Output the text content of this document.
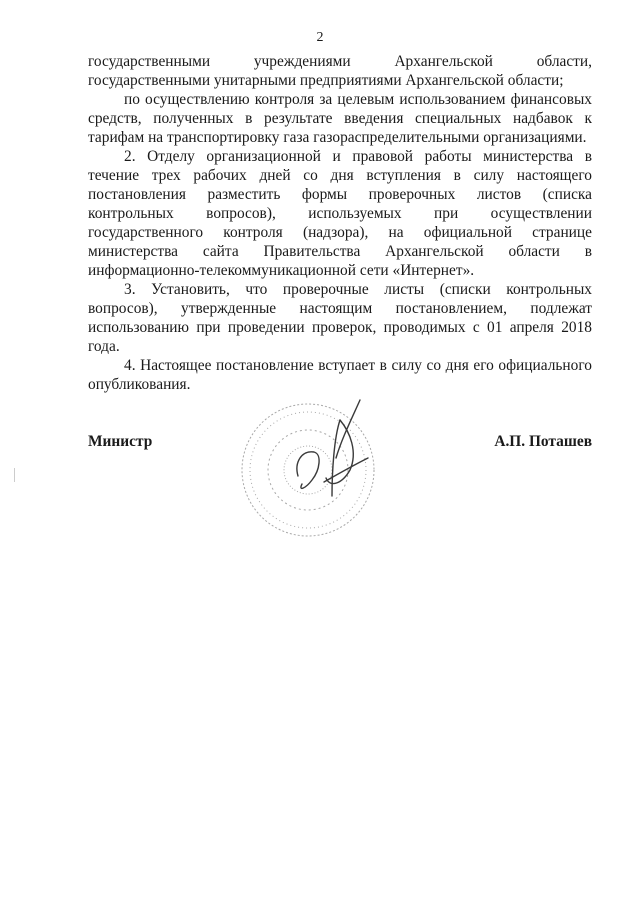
2

государственными учреждениями Архангельской области, государственными унитарными предприятиями Архангельской области;

по осуществлению контроля за целевым использованием финансовых средств, полученных в результате введения специальных надбавок к тарифам на транспортировку газа газораспределительными организациями.

2. Отделу организационной и правовой работы министерства в течение трех рабочих дней со дня вступления в силу настоящего постановления разместить формы проверочных листов (списка контрольных вопросов), используемых при осуществлении государственного контроля (надзора), на официальной странице министерства сайта Правительства Архангельской области в информационно-телекоммуникационной сети «Интернет».

3. Установить, что проверочные листы (списки контрольных вопросов), утвержденные настоящим постановлением, подлежат использованию при проведении проверок, проводимых с 01 апреля 2018 года.

4. Настоящее постановление вступает в силу со дня его официального опубликования.

Министр	А.П. Поташев
